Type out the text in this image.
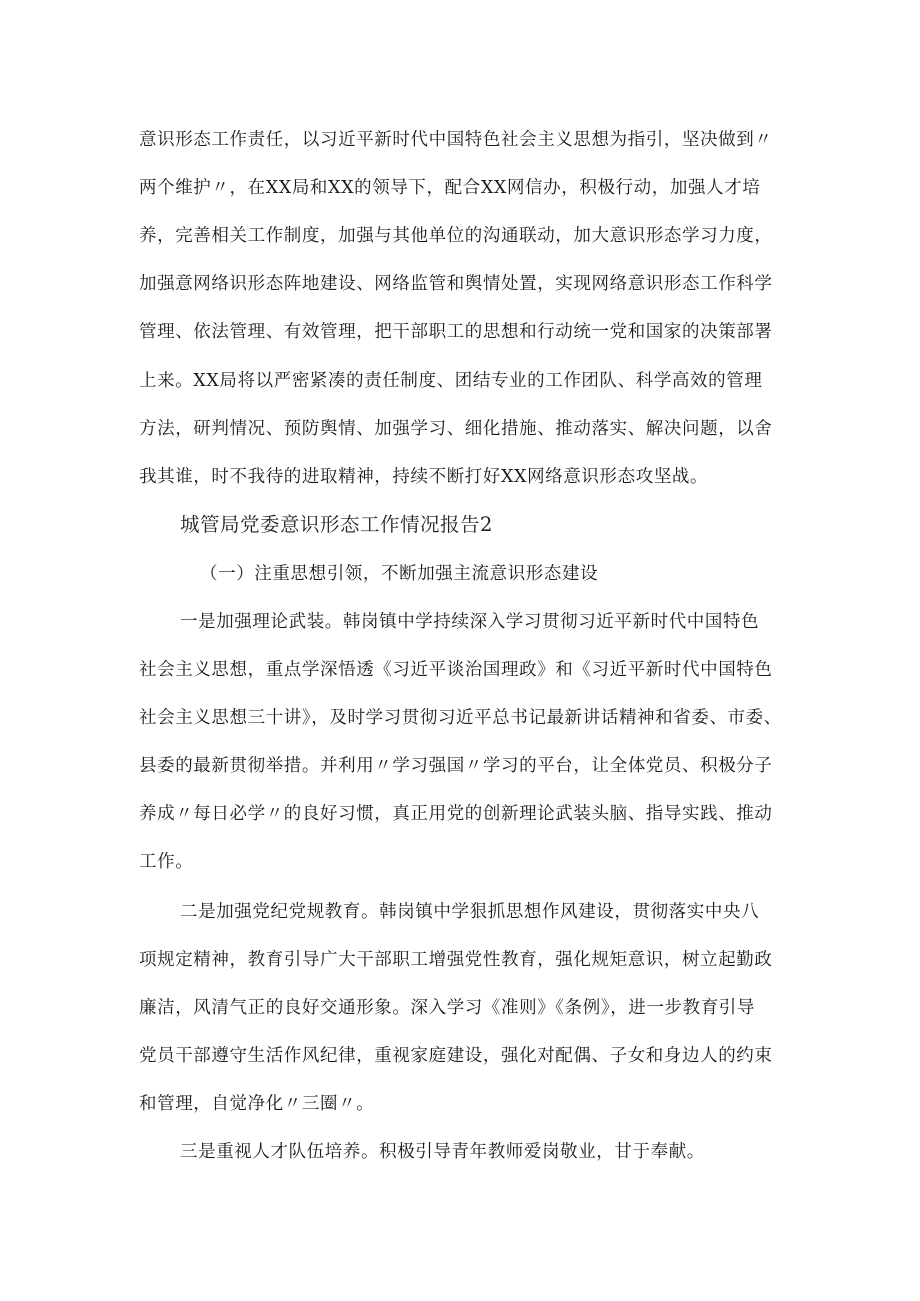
意识形态工作责任，以习近平新时代中国特色社会主义思想为指引，坚决做到〃
两个维护〃，在XX局和XX的领导下，配合XX网信办，积极行动，加强人才培
养，完善相关工作制度，加强与其他单位的沟通联动，加大意识形态学习力度，
加强意网络识形态阵地建设、网络监管和舆情处置，实现网络意识形态工作科学
管理、依法管理、有效管理，把干部职工的思想和行动统一党和国家的决策部署
上来。XX局将以严密紧凑的责任制度、团结专业的工作团队、科学高效的管理
方法，研判情况、预防舆情、加强学习、细化措施、推动落实、解决问题，以舍
我其谁，时不我待的进取精神，持续不断打好XX网络意识形态攻坚战。
城管局党委意识形态工作情况报告2
（一）注重思想引领，不断加强主流意识形态建设
一是加强理论武装。韩岗镇中学持续深入学习贯彻习近平新时代中国特色
社会主义思想，重点学深悟透《习近平谈治国理政》和《习近平新时代中国特色
社会主义思想三十讲》，及时学习贯彻习近平总书记最新讲话精神和省委、市委、
县委的最新贯彻举措。并利用〃学习强国〃学习的平台，让全体党员、积极分子
养成〃每日必学〃的良好习惯，真正用党的创新理论武装头脑、指导实践、推动
工作。
二是加强党纪党规教育。韩岗镇中学狠抓思想作风建设，贯彻落实中央八
项规定精神，教育引导广大干部职工增强党性教育，强化规矩意识，树立起勤政
廉洁，风清气正的良好交通形象。深入学习《准则》《条例》，进一步教育引导
党员干部遵守生活作风纪律，重视家庭建设，强化对配偶、子女和身边人的约束
和管理，自觉净化〃三圈〃。
三是重视人才队伍培养。积极引导青年教师爱岗敬业，甘于奉献。
